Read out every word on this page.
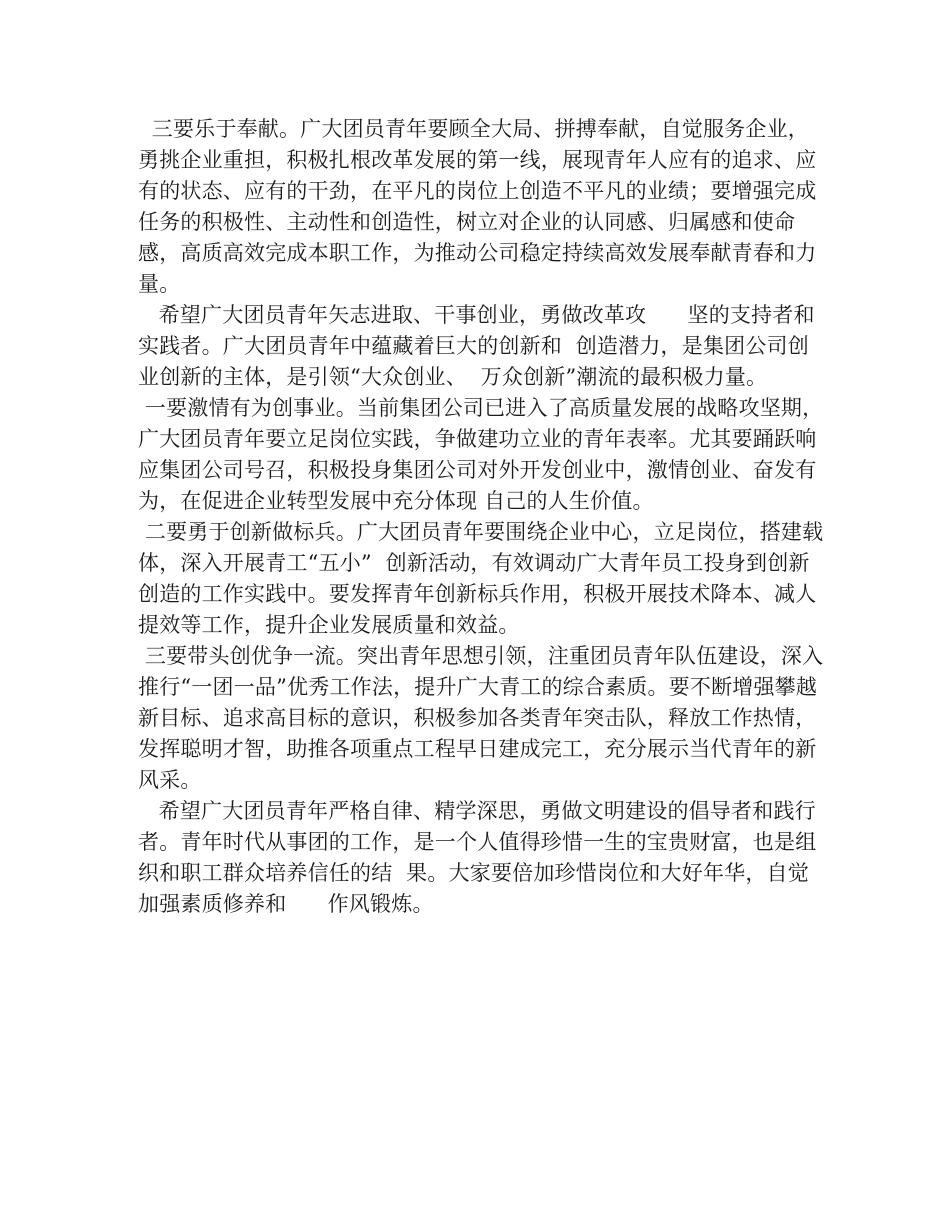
三要乐于奉献。广大团员青年要顾全大局、拼搏奉献，自觉服务企业，勇挑企业重担，积极扎根改革发展的第一线，展现青年人应有的追求、应有的状态、应有的干劲，在平凡的岗位上创造不平凡的业绩；要增强完成任务的积极性、主动性和创造性，树立对企业的认同感、归属感和使命感，高质高效完成本职工作，为推动公司稳定持续高效发展奉献青春和力量。

希望广大团员青年矢志进取、干事创业，勇做改革攻      坚的支持者和实践者。广大团员青年中蕴藏着巨大的创新和  创造潜力，是集团公司创业创新的主体，是引领“大众创业、  万众创新”潮流的最积极力量。

一要激情有为创事业。当前集团公司已进入了高质量发展的战略攻坚期，广大团员青年要立足岗位实践，争做建功立业的青年表率。尤其要踊跃响应集团公司号召，积极投身集团公司对外开发创业中，激情创业、奋发有为，在促进企业转型发展中充分体现 自己的人生价值。

二要勇于创新做标兵。广大团员青年要围绕企业中心，立足岗位，搭建载体，深入开展青工“五小”  创新活动，有效调动广大青年员工投身到创新创造的工作实践中。要发挥青年创新标兵作用，积极开展技术降本、减人提效等工作，提升企业发展质量和效益。

三要带头创优争一流。突出青年思想引领，注重团员青年队伍建设，深入推行“一团一品”优秀工作法，提升广大青工的综合素质。要不断增强攀越新目标、追求高目标的意识，积极参加各类青年突击队，释放工作热情，发挥聪明才智，助推各项重点工程早日建成完工，充分展示当代青年的新风采。

希望广大团员青年严格自律、精学深思，勇做文明建设的倡导者和践行者。青年时代从事团的工作，是一个人值得珍惜一生的宝贵财富，也是组织和职工群众培养信任的结  果。大家要倍加珍惜岗位和大好年华，自觉加强素质修养和      作风锻炼。
